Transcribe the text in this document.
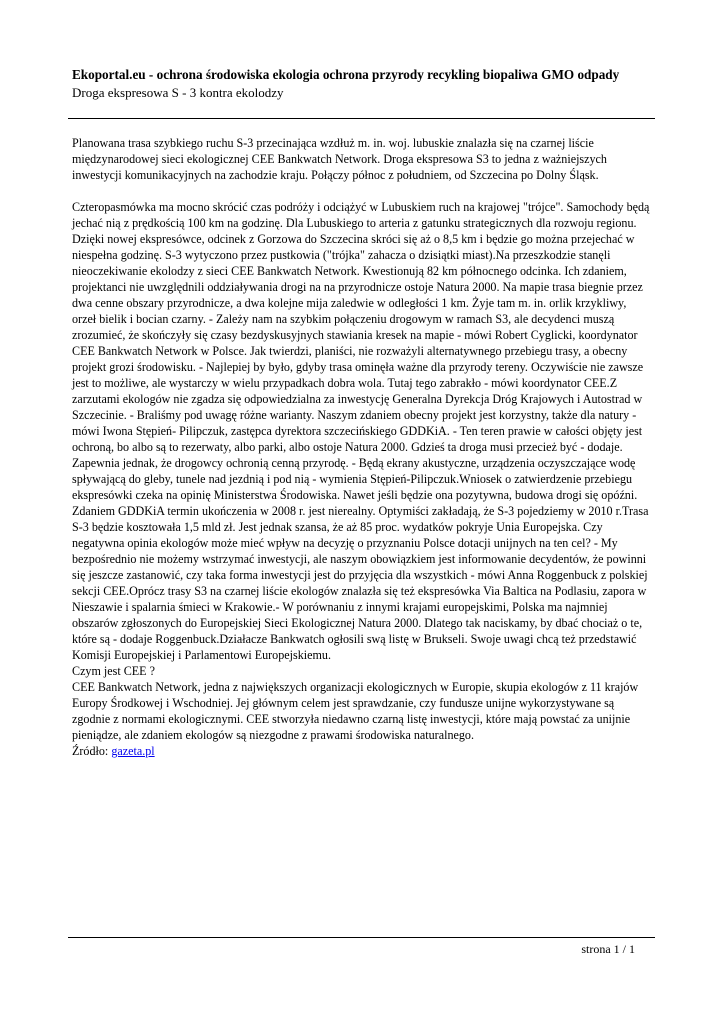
Ekoportal.eu - ochrona środowiska ekologia ochrona przyrody recykling biopaliwa GMO odpady
Droga ekspresowa S - 3 kontra ekolodzy
Planowana trasa szybkiego ruchu S-3 przecinająca wzdłuż m. in. woj. lubuskie znalazła się na czarnej liście
międzynarodowej sieci ekologicznej CEE Bankwatch Network. Droga ekspresowa S3 to jedna z ważniejszych
inwestycji komunikacyjnych na zachodzie kraju. Połączy północ z południem, od Szczecina po Dolny Śląsk.
Czteropasmówka ma mocno skrócić czas podróży i odciążyć w Lubuskiem ruch na krajowej "trójce". Samochody będą
jechać nią z prędkością 100 km na godzinę. Dla Lubuskiego to arteria z gatunku strategicznych dla rozwoju regionu.
Dzięki nowej ekspresówce, odcinek z Gorzowa do Szczecina skróci się aż o 8,5 km i będzie go można przejechać w
niespełna godzinę. S-3 wytyczono przez pustkowia ("trójka" zahacza o dzisiątki miast).Na przeszkodzie stanęli
nieoczekiwanie ekolodzy z sieci CEE Bankwatch Network. Kwestionują 82 km północnego odcinka. Ich zdaniem,
projektanci nie uwzględnili oddziaływania drogi na na przyrodnicze ostoje Natura 2000. Na mapie trasa biegnie przez
dwa cenne obszary przyrodnicze, a dwa kolejne mija zaledwie w odległości 1 km. Żyje tam m. in. orlik krzykliwy,
orzeł bielik i bocian czarny. - Zależy nam na szybkim połączeniu drogowym w ramach S3, ale decydenci muszą
zrozumieć, że skończyły się czasy bezdyskusyjnych stawiania kresek na mapie - mówi Robert Cyglicki, koordynator
CEE Bankwatch Network w Polsce. Jak twierdzi, planiści, nie rozważyli alternatywnego przebiegu trasy, a obecny
projekt grozi środowisku. - Najlepiej by było, gdyby trasa ominęła ważne dla przyrody tereny. Oczywiście nie zawsze
jest to możliwe, ale wystarczy w wielu przypadkach dobra wola. Tutaj tego zabrakło - mówi koordynator CEE.Z
zarzutami ekologów nie zgadza się odpowiedzialna za inwestycję Generalna Dyrekcja Dróg Krajowych i Autostrad w
Szczecinie. - Braliśmy pod uwagę różne warianty. Naszym zdaniem obecny projekt jest korzystny, także dla natury -
mówi Iwona Stępień- Pilipczuk, zastępca dyrektora szczecińskiego GDDKiA. - Ten teren prawie w całości objęty jest
ochroną, bo albo są to rezerwaty, albo parki, albo ostoje Natura 2000. Gdzieś ta droga musi przecież być - dodaje.
Zapewnia jednak, że drogowcy ochronią cenną przyrodę. - Będą ekrany akustyczne, urządzenia oczyszczające wodę
spływającą do gleby, tunele nad jezdnią i pod nią - wymienia Stępień-Pilipczuk.Wniosek o zatwierdzenie przebiegu
ekspresówki czeka na opinię Ministerstwa Środowiska. Nawet jeśli będzie ona pozytywna, budowa drogi się opóźni.
Zdaniem GDDKiA termin ukończenia w 2008 r. jest nierealny. Optymiści zakładają, że S-3 pojedziemy w 2010 r.Trasa
S-3 będzie kosztowała 1,5 mld zł. Jest jednak szansa, że aż 85 proc. wydatków pokryje Unia Europejska. Czy
negatywna opinia ekologów może mieć wpływ na decyzję o przyznaniu Polsce dotacji unijnych na ten cel? - My
bezpośrednio nie możemy wstrzymać inwestycji, ale naszym obowiązkiem jest informowanie decydentów, że powinni
się jeszcze zastanowić, czy taka forma inwestycji jest do przyjęcia dla wszystkich - mówi Anna Roggenbuck z polskiej
sekcji CEE.Oprócz trasy S3 na czarnej liście ekologów znalazła się też ekspresówka Via Baltica na Podlasiu, zapora w
Nieszawie i spalarnia śmieci w Krakowie.- W porównaniu z innymi krajami europejskimi, Polska ma najmniej
obszarów zgłoszonych do Europejskiej Sieci Ekologicznej Natura 2000. Dlatego tak naciskamy, by dbać chociaż o te,
które są - dodaje Roggenbuck.Działacze Bankwatch ogłosili swą listę w Brukseli. Swoje uwagi chcą też przedstawić
Komisji Europejskiej i Parlamentowi Europejskiemu.
Czym jest CEE ?
CEE Bankwatch Network, jedna z największych organizacji ekologicznych w Europie, skupia ekologów z 11 krajów
Europy Środkowej i Wschodniej. Jej głównym celem jest sprawdzanie, czy fundusze unijne wykorzystywane są
zgodnie z normami ekologicznymi. CEE stworzyła niedawno czarną listę inwestycji, które mają powstać za unijnie
pieniądze, ale zdaniem ekologów są niezgodne z prawami środowiska naturalnego.
Źródło: gazeta.pl
strona 1 / 1
